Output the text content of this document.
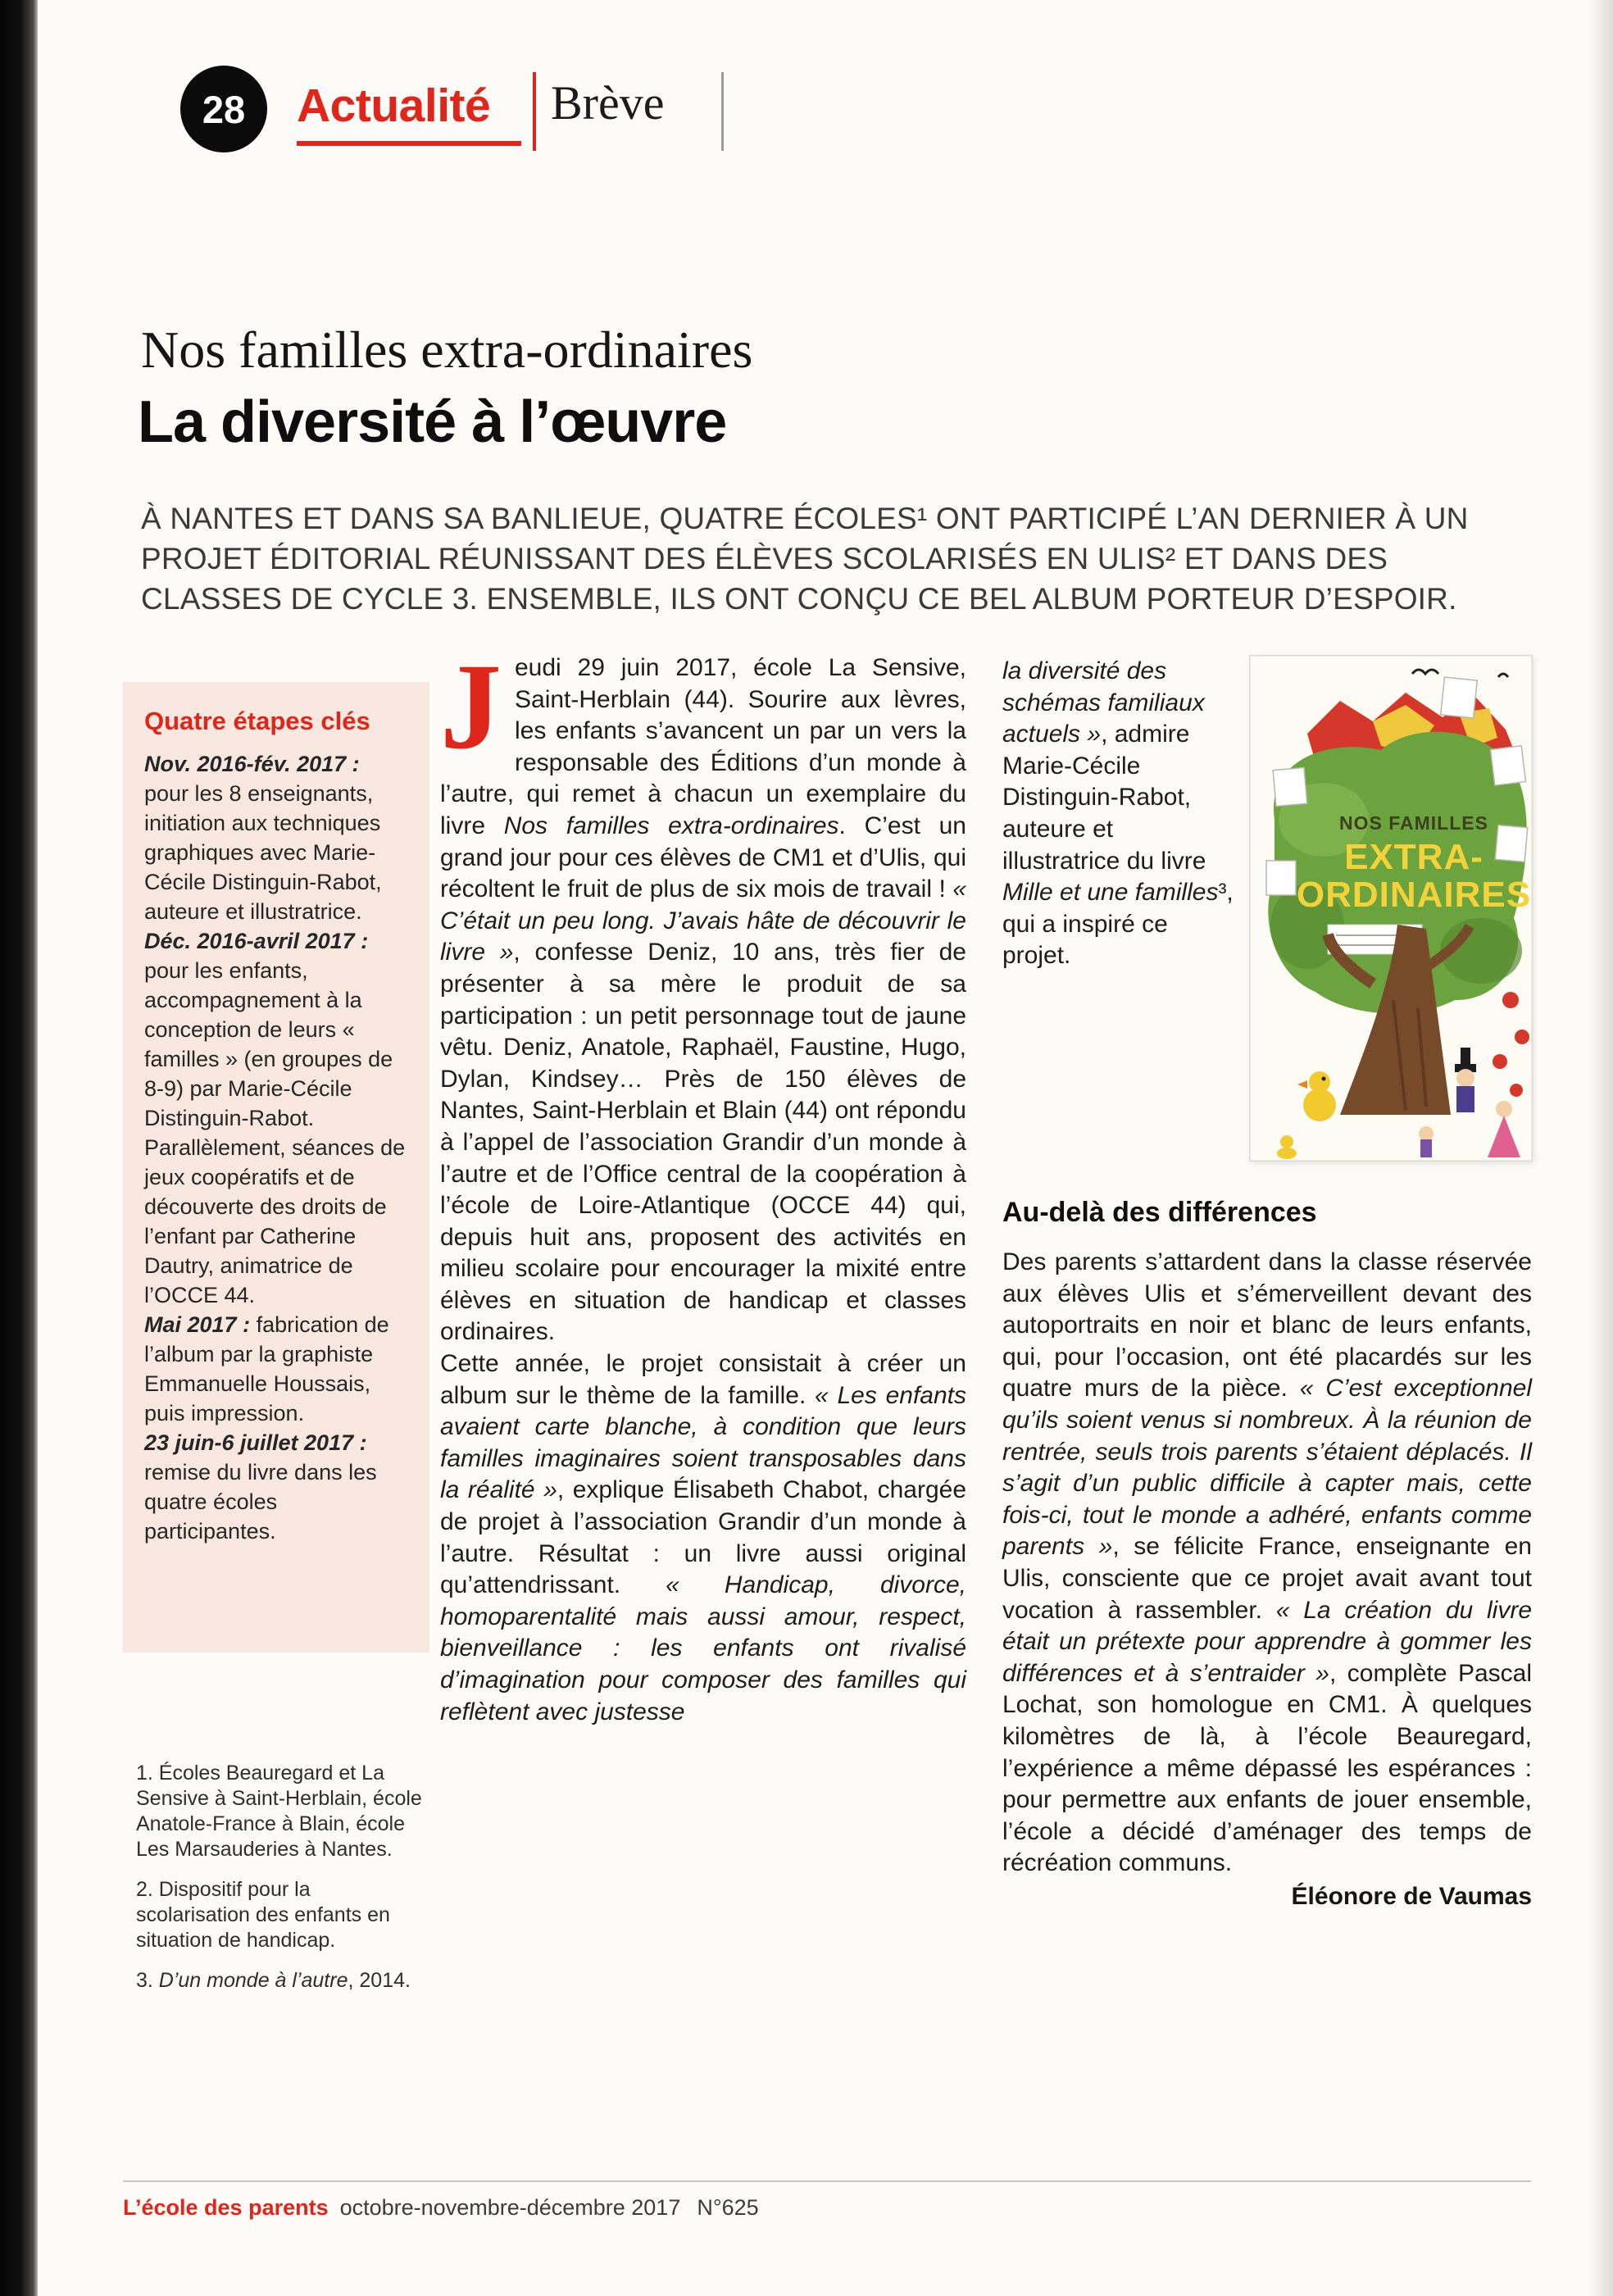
28 Actualité Brève
Nos familles extra-ordinaires
La diversité à l’œuvre

À NANTES ET DANS SA BANLIEUE, QUATRE ÉCOLES¹ ONT PARTICIPÉ L’AN DERNIER À UN PROJET ÉDITORIAL RÉUNISSANT DES ÉLÈVES SCOLARISÉS EN ULIS² ET DANS DES CLASSES DE CYCLE 3. ENSEMBLE, ILS ONT CONÇU CE BEL ALBUM PORTEUR D’ESPOIR.

Quatre étapes clés

Nov. 2016-fév. 2017 : pour les 8 enseignants, initiation aux techniques graphiques avec Marie-Cécile Distinguin-Rabot, auteure et illustratrice.

Déc. 2016-avril 2017 : pour les enfants, accompagnement à la conception de leurs « familles » (en groupes de 8-9) par Marie-Cécile Distinguin-Rabot. Parallèlement, séances de jeux coopératifs et de découverte des droits de l’enfant par Catherine Dautry, animatrice de l’OCCE 44.

Mai 2017 : fabrication de l’album par la graphiste Emmanuelle Houssais, puis impression.

23 juin-6 juillet 2017 : remise du livre dans les quatre écoles participantes.

1. Écoles Beauregard et La Sensive à Saint-Herblain, école Anatole-France à Blain, école Les Marsauderies à Nantes.

2. Dispositif pour la scolarisation des enfants en situation de handicap.

3. D’un monde à l’autre, 2014.

Jeudi 29 juin 2017, école La Sensive, Saint-Herblain (44). Sourire aux lèvres, les enfants s’avancent un par un vers la responsable des Éditions d’un monde à l’autre, qui remet à chacun un exemplaire du livre Nos familles extra-ordinaires. C’est un grand jour pour ces élèves de CM1 et d’Ulis, qui récoltent le fruit de plus de six mois de travail ! « C’était un peu long. J’avais hâte de découvrir le livre », confesse Deniz, 10 ans, très fier de présenter à sa mère le produit de sa participation : un petit personnage tout de jaune vêtu. Deniz, Anatole, Raphaël, Faustine, Hugo, Dylan, Kindsey… Près de 150 élèves de Nantes, Saint-Herblain et Blain (44) ont répondu à l’appel de l’association Grandir d’un monde à l’autre et de l’Office central de la coopération à l’école de Loire-Atlantique (OCCE 44) qui, depuis huit ans, proposent des activités en milieu scolaire pour encourager la mixité entre élèves en situation de handicap et classes ordinaires.

Cette année, le projet consistait à créer un album sur le thème de la famille. « Les enfants avaient carte blanche, à condition que leurs familles imaginaires soient transposables dans la réalité », explique Élisabeth Chabot, chargée de projet à l’association Grandir d’un monde à l’autre. Résultat : un livre aussi original qu’attendrissant. « Handicap, divorce, homoparentalité mais aussi amour, respect, bienveillance : les enfants ont rivalisé d’imagination pour composer des familles qui reflètent avec justesse

la diversité des schémas familiaux actuels », admire Marie-Cécile Distinguin-Rabot, auteure et illustratrice du livre Mille et une familles³, qui a inspiré ce projet.

NOS FAMILLES
EXTRA-
ORDINAIRES
Au-delà des différences

Des parents s’attardent dans la classe réservée aux élèves Ulis et s’émerveillent devant des autoportraits en noir et blanc de leurs enfants, qui, pour l’occasion, ont été placardés sur les quatre murs de la pièce. « C’est exceptionnel qu’ils soient venus si nombreux. À la réunion de rentrée, seuls trois parents s’étaient déplacés. Il s’agit d’un public difficile à capter mais, cette fois-ci, tout le monde a adhéré, enfants comme parents », se félicite France, enseignante en Ulis, consciente que ce projet avait avant tout vocation à rassembler. « La création du livre était un prétexte pour apprendre à gommer les différences et à s’entraider », complète Pascal Lochat, son homologue en CM1. À quelques kilomètres de là, à l’école Beauregard, l’expérience a même dépassé les espérances : pour permettre aux enfants de jouer ensemble, l’école a décidé d’aménager des temps de récréation communs.

Éléonore de Vaumas

L’école des parents octobre-novembre-décembre 2017 N°625
